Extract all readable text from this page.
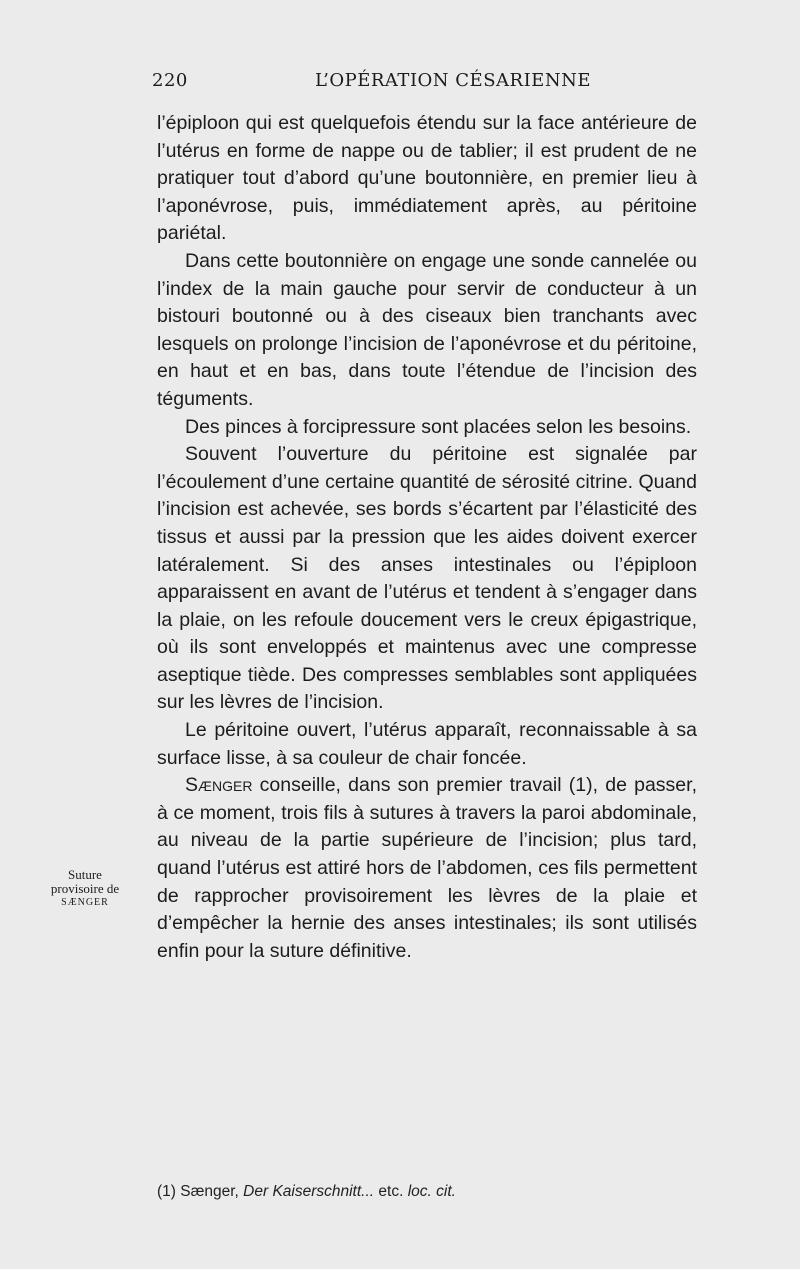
220	L’OPÉRATION CÉSARIENNE
Suture
provisoire de
SÆNGER

l’épiploon qui est quelquefois étendu sur la face antérieure de l’utérus en forme de nappe ou de tablier; il est prudent de ne pratiquer tout d’abord qu’une boutonnière, en premier lieu à l’aponévrose, puis, immédiatement après, au péritoine pariétal.

Dans cette boutonnière on engage une sonde cannelée ou l’index de la main gauche pour servir de conducteur à un bistouri boutonné ou à des ciseaux bien tranchants avec lesquels on prolonge l’incision de l’aponévrose et du péritoine, en haut et en bas, dans toute l’étendue de l’incision des téguments.

Des pinces à forcipressure sont placées selon les besoins.

Souvent l’ouverture du péritoine est signalée par l’écoulement d’une certaine quantité de sérosité citrine. Quand l’incision est achevée, ses bords s’écartent par l’élasticité des tissus et aussi par la pression que les aides doivent exercer latéralement. Si des anses intestinales ou l’épiploon apparaissent en avant de l’utérus et tendent à s’engager dans la plaie, on les refoule doucement vers le creux épigastrique, où ils sont enveloppés et maintenus avec une compresse aseptique tiède. Des compresses semblables sont appliquées sur les lèvres de l’incision.

Le péritoine ouvert, l’utérus apparaît, reconnaissable à sa surface lisse, à sa couleur de chair foncée.

Sænger conseille, dans son premier travail (1), de passer, à ce moment, trois fils à sutures à travers la paroi abdominale, au niveau de la partie supérieure de l’incision; plus tard, quand l’utérus est attiré hors de l’abdomen, ces fils permettent de rapprocher provisoirement les lèvres de la plaie et d’empêcher la hernie des anses intestinales; ils sont utilisés enfin pour la suture définitive.

(1) Sænger, Der Kaiserschnitt... etc. loc. cit.
